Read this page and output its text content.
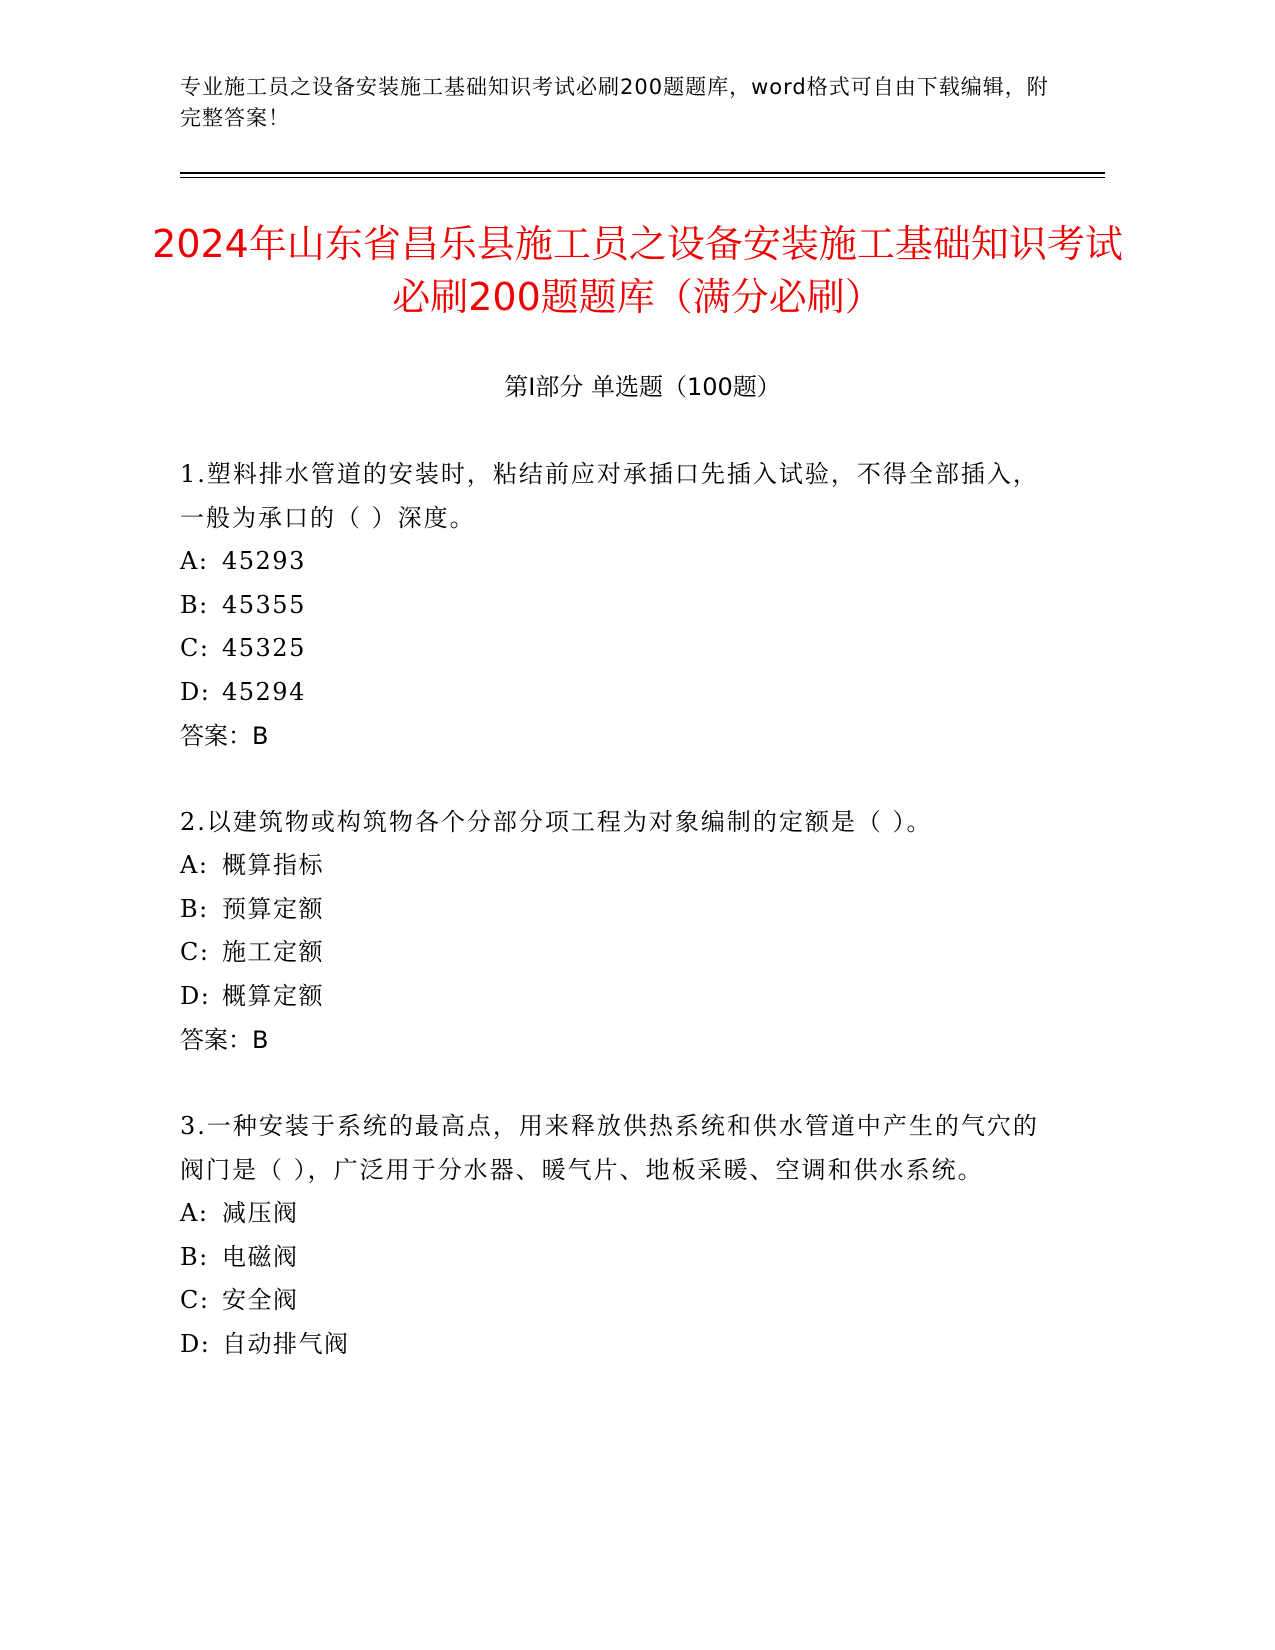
专业施工员之设备安装施工基础知识考试必刷200题题库，word格式可自由下载编辑，附完整答案！
2024年山东省昌乐县施工员之设备安装施工基础知识考试必刷200题题库（满分必刷）
第Ⅰ部分 单选题（100题）

1.塑料排水管道的安装时，粘结前应对承插口先插入试验，不得全部插入，一般为承口的（ ）深度。

A: 45293

B: 45355

C: 45325

D: 45294

答案：B

2.以建筑物或构筑物各个分部分项工程为对象编制的定额是（ ）。

A: 概算指标

B: 预算定额

C: 施工定额

D: 概算定额

答案：B

3.一种安装于系统的最高点，用来释放供热系统和供水管道中产生的气穴的阀门是（ ），广泛用于分水器、暖气片、地板采暖、空调和供水系统。

A: 减压阀

B: 电磁阀

C: 安全阀

D: 自动排气阀
